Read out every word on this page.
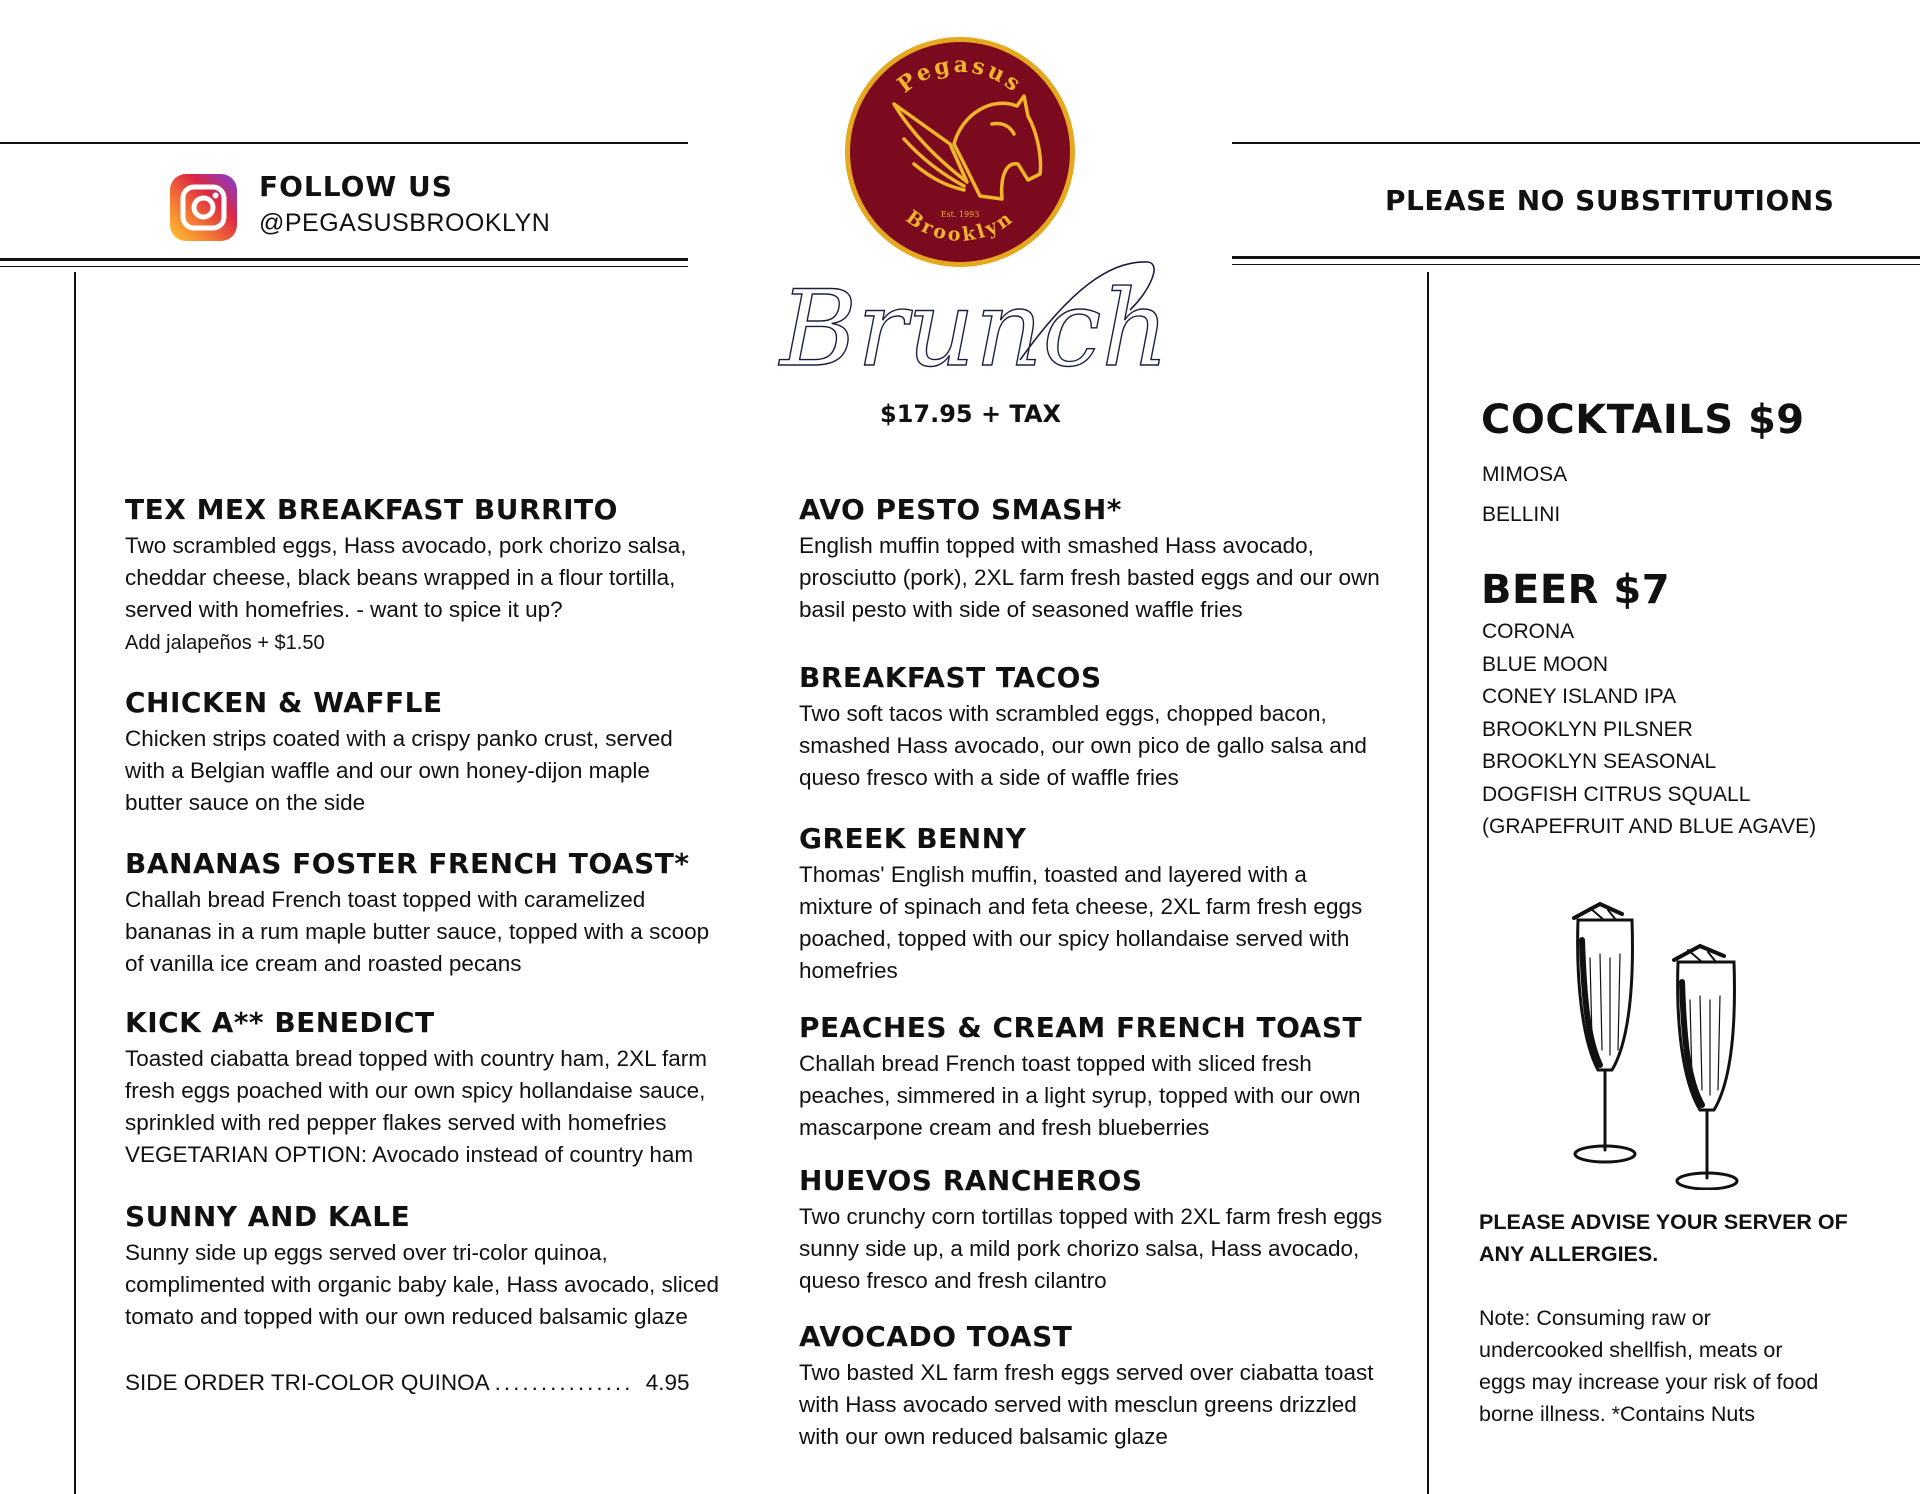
FOLLOW US
@PEGASUSBROOKLYN
Pegasus
Brooklyn
Est. 1993	PLEASE NO SUBSTITUTIONS
Brunch
$17.95 + TAX
TEX MEX BREAKFAST BURRITO

Two scrambled eggs, Hass avocado, pork chorizo salsa,
cheddar cheese, black beans wrapped in a flour tortilla,
served with homefries. - want to spice it up?
Add jalapeños + $1.50

CHICKEN & WAFFLE

Chicken strips coated with a crispy panko crust, served
with a Belgian waffle and our own honey-dijon maple
butter sauce on the side

BANANAS FOSTER FRENCH TOAST*

Challah bread French toast topped with caramelized
bananas in a rum maple butter sauce, topped with a scoop
of vanilla ice cream and roasted pecans

KICK A** BENEDICT

Toasted ciabatta bread topped with country ham, 2XL farm
fresh eggs poached with our own spicy hollandaise sauce,
sprinkled with red pepper flakes served with homefries
VEGETARIAN OPTION: Avocado instead of country ham

SUNNY AND KALE

Sunny side up eggs served over tri-color quinoa,
complimented with organic baby kale, Hass avocado, sliced
tomato and topped with our own reduced balsamic glaze

SIDE ORDER TRI-COLOR QUINOA ............... 4.95
AVO PESTO SMASH*

English muffin topped with smashed Hass avocado,
prosciutto (pork), 2XL farm fresh basted eggs and our own
basil pesto with side of seasoned waffle fries

BREAKFAST TACOS

Two soft tacos with scrambled eggs, chopped bacon,
smashed Hass avocado, our own pico de gallo salsa and
queso fresco with a side of waffle fries

GREEK BENNY

Thomas' English muffin, toasted and layered with a
mixture of spinach and feta cheese, 2XL farm fresh eggs
poached, topped with our spicy hollandaise served with
homefries

PEACHES & CREAM FRENCH TOAST

Challah bread French toast topped with sliced fresh
peaches, simmered in a light syrup, topped with our own
mascarpone cream and fresh blueberries

HUEVOS RANCHEROS

Two crunchy corn tortillas topped with 2XL farm fresh eggs
sunny side up, a mild pork chorizo salsa, Hass avocado,
queso fresco and fresh cilantro

AVOCADO TOAST

Two basted XL farm fresh eggs served over ciabatta toast
with Hass avocado served with mesclun greens drizzled
with our own reduced balsamic glaze

COCKTAILS $9
MIMOSA
BELLINI
BEER $7
CORONA
BLUE MOON
CONEY ISLAND IPA
BROOKLYN PILSNER
BROOKLYN SEASONAL
DOGFISH CITRUS SQUALL
(GRAPEFRUIT AND BLUE AGAVE)
PLEASE ADVISE YOUR SERVER OF
ANY ALLERGIES.
Note: Consuming raw or
undercooked shellfish, meats or
eggs may increase your risk of food
borne illness. *Contains Nuts
